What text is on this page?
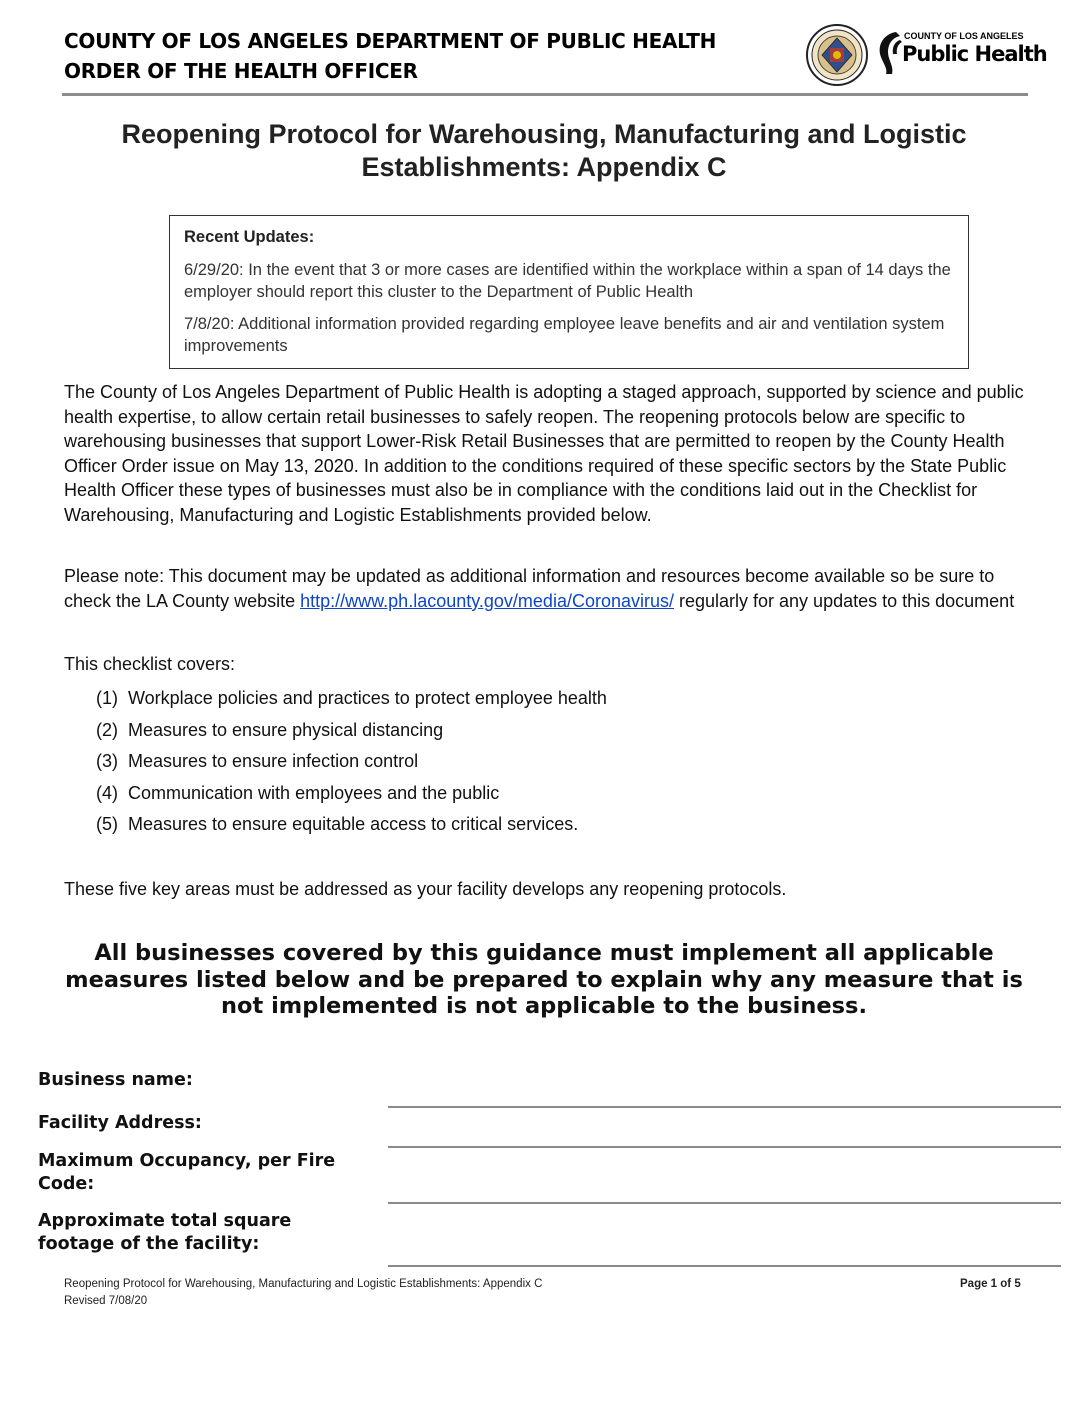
COUNTY OF LOS ANGELES DEPARTMENT OF PUBLIC HEALTH
ORDER OF THE HEALTH OFFICER
COUNTY OF LOS ANGELES
Public Health
Reopening Protocol for Warehousing, Manufacturing and Logistic
Establishments: Appendix C
Recent Updates:
6/29/20: In the event that 3 or more cases are identified within the workplace within a span of 14 days the employer should report this cluster to the Department of Public Health
7/8/20: Additional information provided regarding employee leave benefits and air and ventilation system improvements
The County of Los Angeles Department of Public Health is adopting a staged approach, supported by science and public health expertise, to allow certain retail businesses to safely reopen. The reopening protocols below are specific to warehousing businesses that support Lower-Risk Retail Businesses that are permitted to reopen by the County Health Officer Order issue on May 13, 2020. In addition to the conditions required of these specific sectors by the State Public Health Officer these types of businesses must also be in compliance with the conditions laid out in the Checklist for Warehousing, Manufacturing and Logistic Establishments provided below.
Please note: This document may be updated as additional information and resources become available so be sure to check the LA County website http://www.ph.lacounty.gov/media/Coronavirus/ regularly for any updates to this document
This checklist covers:
(1) Workplace policies and practices to protect employee health
(2) Measures to ensure physical distancing
(3) Measures to ensure infection control
(4) Communication with employees and the public
(5) Measures to ensure equitable access to critical services.
These five key areas must be addressed as your facility develops any reopening protocols.
All businesses covered by this guidance must implement all applicable measures listed below and be prepared to explain why any measure that is not implemented is not applicable to the business.
Business name:
Facility Address:
Maximum Occupancy, per Fire Code:
Approximate total square footage of the facility:
Reopening Protocol for Warehousing, Manufacturing and Logistic Establishments: Appendix C
Revised 7/08/20
Page 1 of 5
